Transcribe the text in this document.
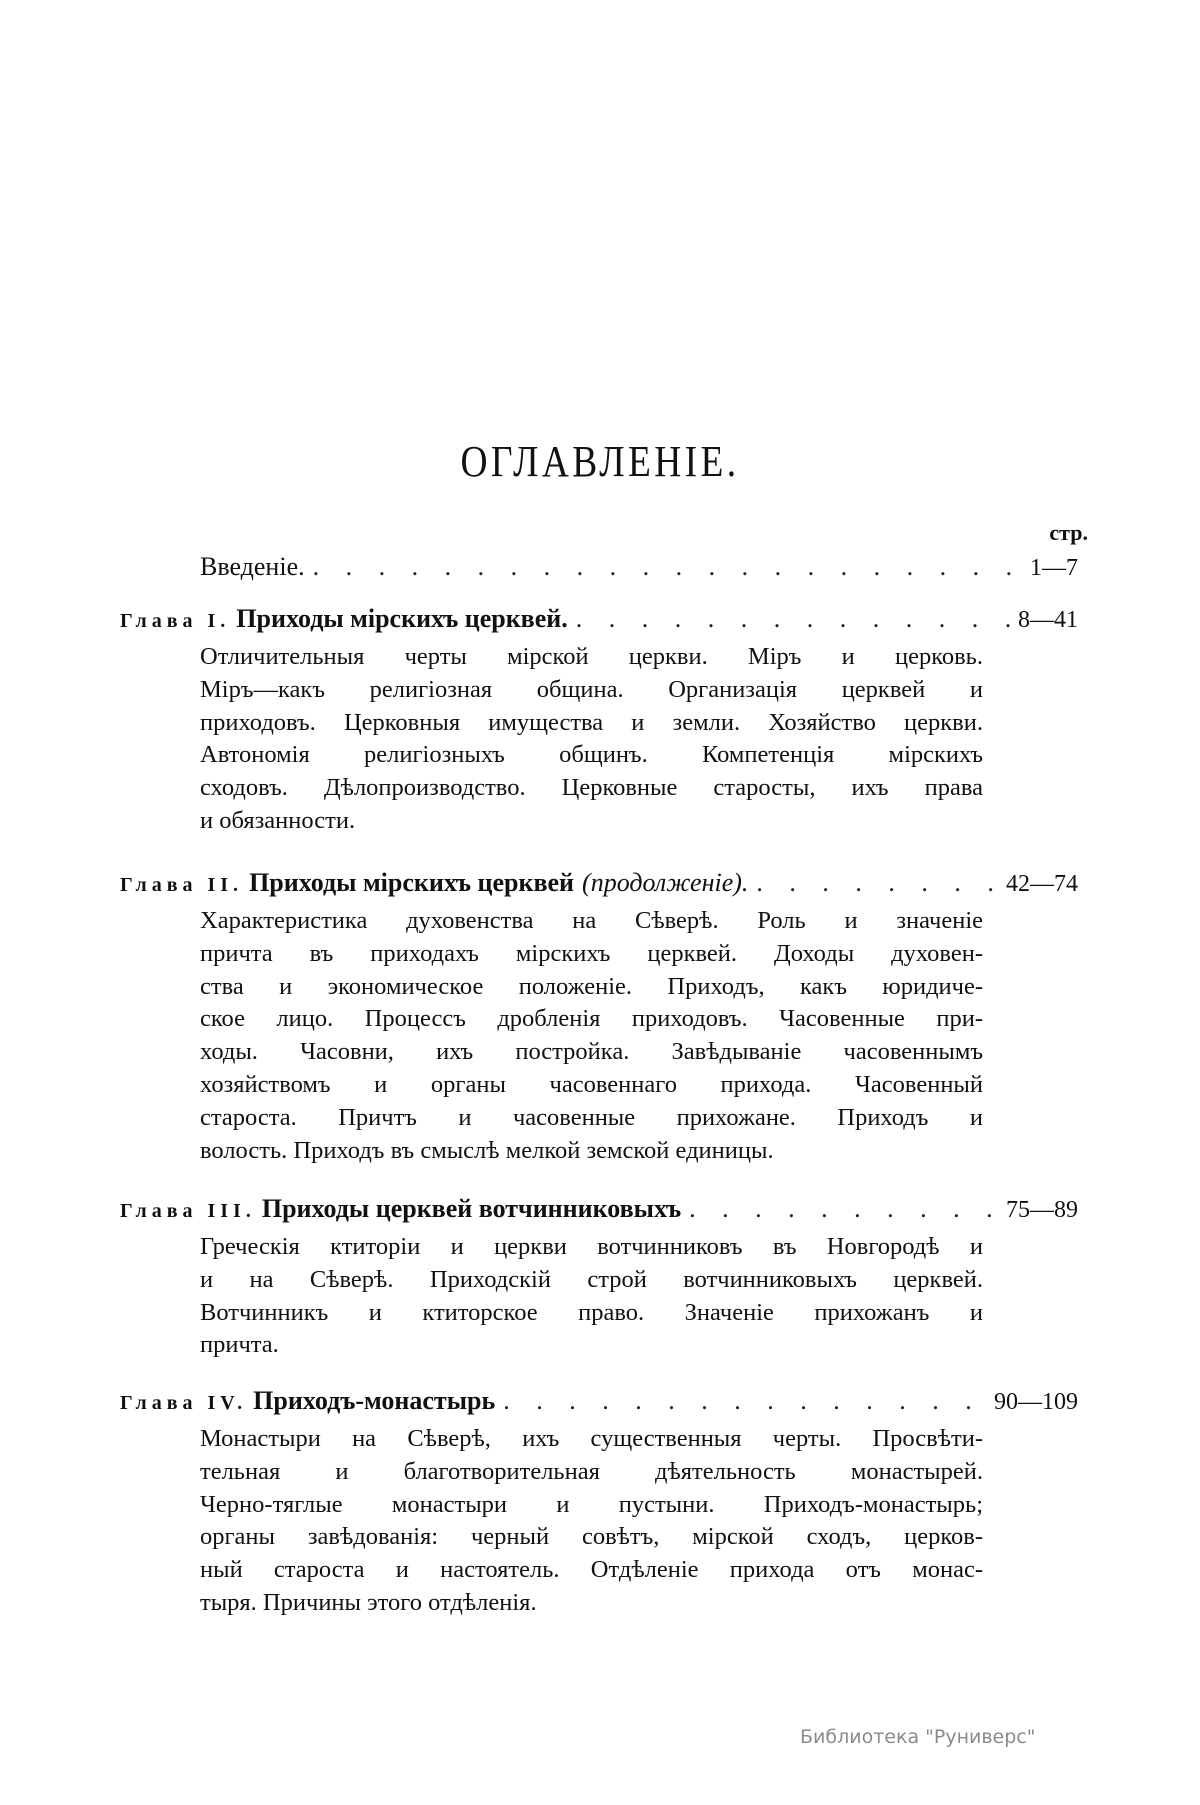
ОГЛАВЛЕНІЕ.
стр.
Введеніе. . . .	1—7
Глава I. Приходы мірскихъ церквей. . . .	8—41
Отличительныя черты мірской церкви. Міръ и церковь.
Міръ—какъ религіозная община. Организація церквей и
приходовъ. Церковныя имущества и земли. Хозяйство церкви.
Автономія религіозныхъ общинъ. Компетенція мірскихъ
сходовъ. Дѣлопроизводство. Церковные старосты, ихъ права
и обязанности.
Глава II. Приходы мірскихъ церквей (продолженіе). . . .	42—74
Характеристика духовенства на Сѣверѣ. Роль и значеніе
причта въ приходахъ мірскихъ церквей. Доходы духовен-
ства и экономическое положеніе. Приходъ, какъ юридиче-
ское лицо. Процессъ дробленія приходовъ. Часовенные при-
ходы. Часовни, ихъ постройка. Завѣдываніе часовеннымъ
хозяйствомъ и органы часовеннаго прихода. Часовенный
староста. Причтъ и часовенные прихожане. Приходъ и
волость. Приходъ въ смыслѣ мелкой земской единицы.
Глава III. Приходы церквей вотчинниковыхъ . . .	75—89
Греческія ктиторіи и церкви вотчинниковъ въ Новгородѣ и
и на Сѣверѣ. Приходскій строй вотчинниковыхъ церквей.
Вотчинникъ и ктиторское право. Значеніе прихожанъ и
причта.
Глава IV. Приходъ-монастырь . . .	90—109
Монастыри на Сѣверѣ, ихъ существенныя черты. Просвѣти-
тельная и благотворительная дѣятельность монастырей.
Черно-тяглые монастыри и пустыни. Приходъ-монастырь;
органы завѣдованія: черный совѣтъ, мірской сходъ, церков-
ный староста и настоятель. Отдѣленіе прихода отъ монас-
тыря. Причины этого отдѣленія.
Библиотека "Руниверс"
